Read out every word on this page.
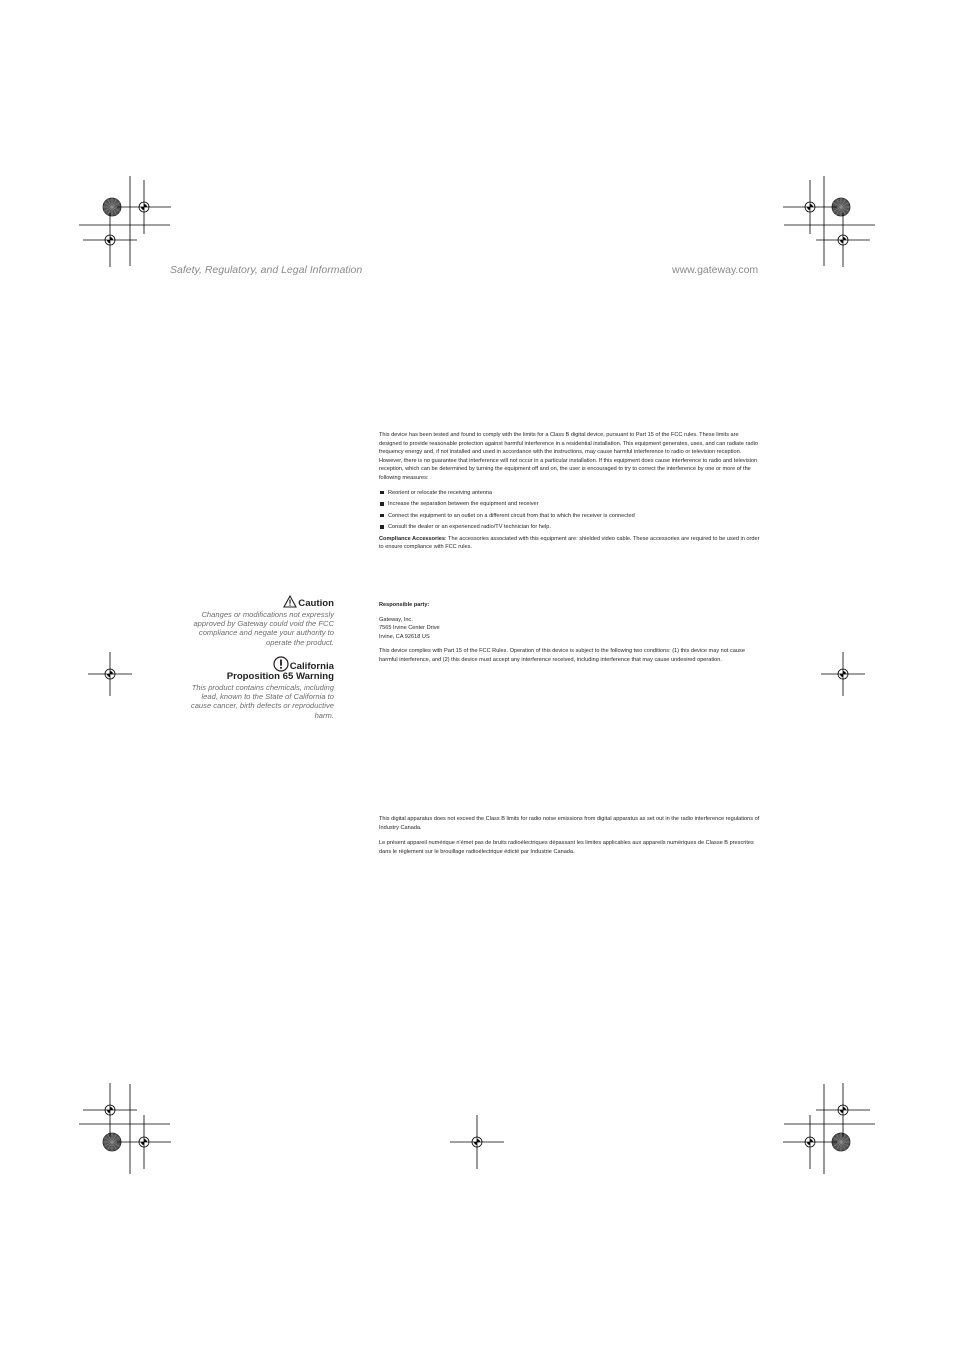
Safety, Regulatory, and Legal Information	www.gateway.com

This device has been tested and found to comply with the limits for a Class B digital device, pursuant to Part 15 of the FCC rules. These limits are designed to provide reasonable protection against harmful interference in a residential installation. This equipment generates, uses, and can radiate radio frequency energy and, if not installed and used in accordance with the instructions, may cause harmful interference to radio or television reception. However, there is no guarantee that interference will not occur in a particular installation. If this equipment does cause interference to radio and television reception, which can be determined by turning the equipment off and on, the user is encouraged to try to correct the interference by one or more of the following measures:

Reorient or relocate the receiving antenna
Increase the separation between the equipment and receiver
Connect the equipment to an outlet on a different circuit from that to which the receiver is connected
Consult the dealer or an experienced radio/TV technician for help.

Compliance Accessories: The accessories associated with this equipment are: shielded video cable. These accessories are required to be used in order to ensure compliance with FCC rules.

Responsible party:
Gateway, Inc.
7565 Irvine Center Drive
Irvine, CA 92618 US

This device complies with Part 15 of the FCC Rules. Operation of this device is subject to the following two conditions: (1) this device may not cause harmful interference, and (2) this device must accept any interference received, including interference that may cause undesired operation.

This digital apparatus does not exceed the Class B limits for radio noise emissions from digital apparatus as set out in the radio interference regulations of Industry Canada.

Le présent appareil numérique n'émet pas de bruits radioélectriques dépassant les limites applicables aux appareils numériques de Classe B prescrites dans le règlement sur le brouillage radioélectrique édicté par Industrie Canada.

Caution
Changes or modifications not expressly approved by Gateway could void the FCC compliance and negate your authority to operate the product.
California
Proposition 65 Warning
This product contains chemicals, including lead, known to the State of California to cause cancer, birth defects or reproductive harm.
